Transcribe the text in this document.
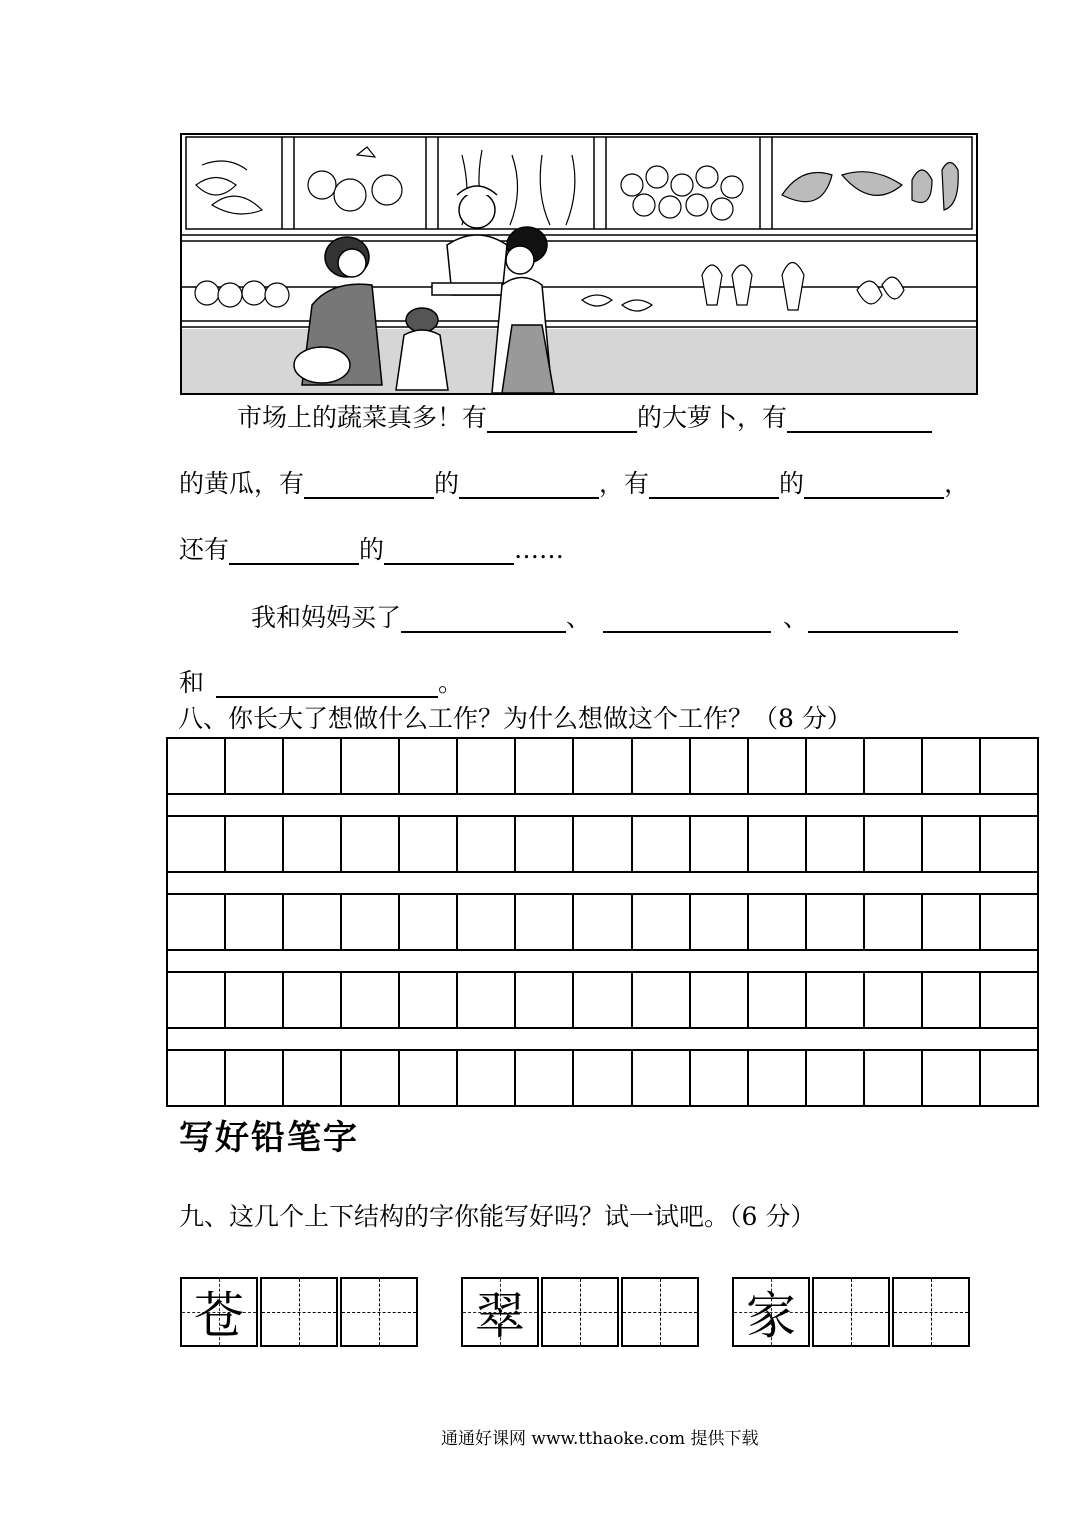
市场上的蔬菜真多！有	的大萝卜，有
的黄瓜，有	的	，有	的	，
还有	的	……
我和妈妈买了	、	、
和	。
八、你长大了想做什么工作？为什么想做这个工作？（8 分）
写好铅笔字
九、这几个上下结构的字你能写好吗？试一试吧。（6 分）
苍	翠	家
通通好课网 www.tthaoke.com 提供下载
